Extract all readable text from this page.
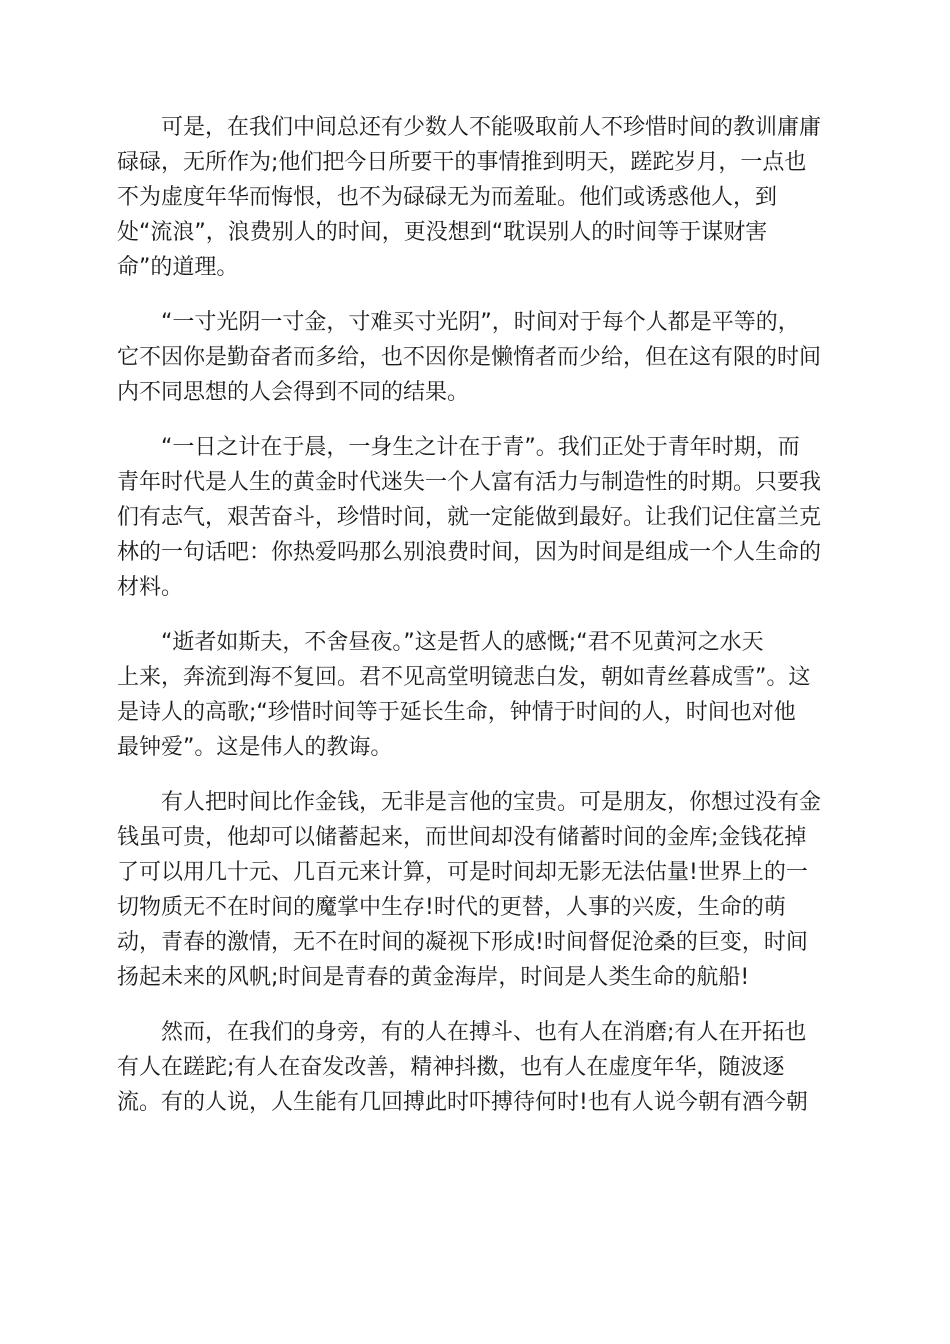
可是，在我们中间总还有少数人不能吸取前人不珍惜时间的教训庸庸
碌碌，无所作为;他们把今日所要干的事情推到明天，蹉跎岁月，一点也
不为虚度年华而悔恨，也不为碌碌无为而羞耻。他们或诱惑他人，到
处“流浪”，浪费别人的时间，更没想到“耽误别人的时间等于谋财害
命”的道理。

“一寸光阴一寸金，寸难买寸光阴”，时间对于每个人都是平等的，
它不因你是勤奋者而多给，也不因你是懒惰者而少给，但在这有限的时间
内不同思想的人会得到不同的结果。

“一日之计在于晨，一身生之计在于青”。我们正处于青年时期，而
青年时代是人生的黄金时代迷失一个人富有活力与制造性的时期。只要我
们有志气，艰苦奋斗，珍惜时间，就一定能做到最好。让我们记住富兰克
林的一句话吧：你热爱吗那么别浪费时间，因为时间是组成一个人生命的
材料。

“逝者如斯夫，不舍昼夜。”这是哲人的感慨;“君不见黄河之水天
上来，奔流到海不复回。君不见高堂明镜悲白发，朝如青丝暮成雪”。这
是诗人的高歌;“珍惜时间等于延长生命，钟情于时间的人，时间也对他
最钟爱”。这是伟人的教诲。

有人把时间比作金钱，无非是言他的宝贵。可是朋友，你想过没有金
钱虽可贵，他却可以储蓄起来，而世间却没有储蓄时间的金库;金钱花掉
了可以用几十元、几百元来计算，可是时间却无影无法估量!世界上的一
切物质无不在时间的魔掌中生存!时代的更替，人事的兴废，生命的萌
动，青春的激情，无不在时间的凝视下形成!时间督促沧桑的巨变，时间
扬起未来的风帆;时间是青春的黄金海岸，时间是人类生命的航船!

然而，在我们的身旁，有的人在搏斗、也有人在消磨;有人在开拓也
有人在蹉跎;有人在奋发改善，精神抖擞，也有人在虚度年华，随波逐
流。有的人说，人生能有几回搏此时吓搏待何时!也有人说今朝有酒今朝
